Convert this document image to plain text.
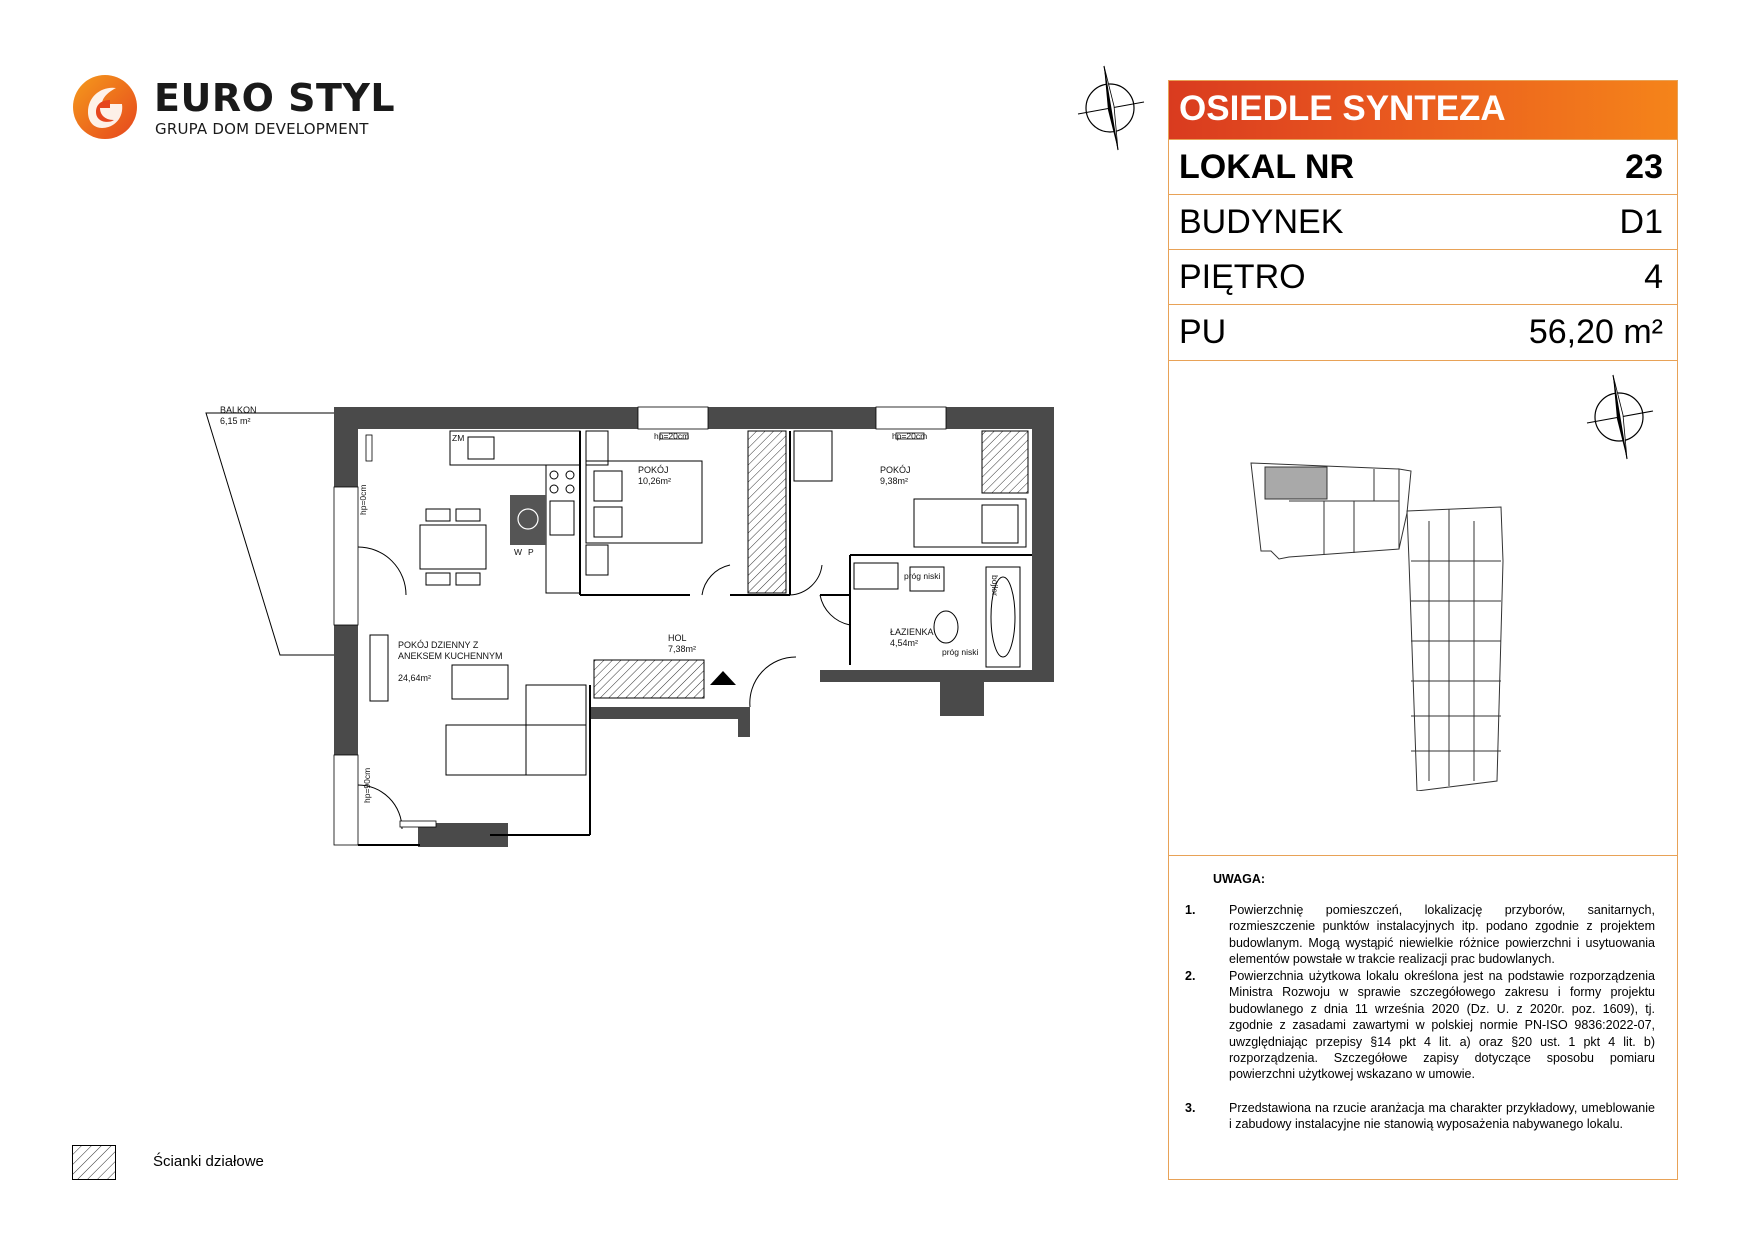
EURO STYL
GRUPA DOM DEVELOPMENT
OSIEDLE SYNTEZA
LOKAL NR	23
BUDYNEK	D1
PIĘTRO	4
PU	56,20 m²
UWAGA:
1.	Powierzchnię pomieszczeń, lokalizację przyborów, sanitarnych, rozmieszczenie punktów instalacyjnych itp. podano zgodnie z projektem budowlanym. Mogą wystąpić niewielkie różnice powierzchni i usytuowania elementów powstałe w trakcie realizacji prac budowlanych.
2.	Powierzchnia użytkowa lokalu określona jest na podstawie rozporządzenia Ministra Rozwoju w sprawie szczegółowego zakresu i formy projektu budowlanego z dnia 11 września 2020 (Dz. U. z 2020r. poz. 1609), tj. zgodnie z zasadami zawartymi w polskiej normie PN-ISO 9836:2022-07, uwzględniając przepisy §14 pkt 4 lit. a) oraz §20 ust. 1 pkt 4 lit. b) rozporządzenia. Szczegółowe zapisy dotyczące sposobu pomiaru powierzchni użytkowej wskazano w umowie.
3.	Przedstawiona na rzucie aranżacja ma charakter przykładowy, umeblowanie i zabudowy instalacyjne nie stanowią wyposażenia nabywanego lokalu.
BALKON
6,15 m²
POKÓJ
10,26m²
POKÓJ
9,38m²

POKÓJ DZIENNY Z
ANEKSEM KUCHENNYM

24,64m²

HOL
7,38m²
ŁAZIENKA
4,54m²
hp=20cm	hp=20cm
hp=0cm
hp=90cm
próg niski
próg niski
ZM
W P
bojler
Ścianki działowe
